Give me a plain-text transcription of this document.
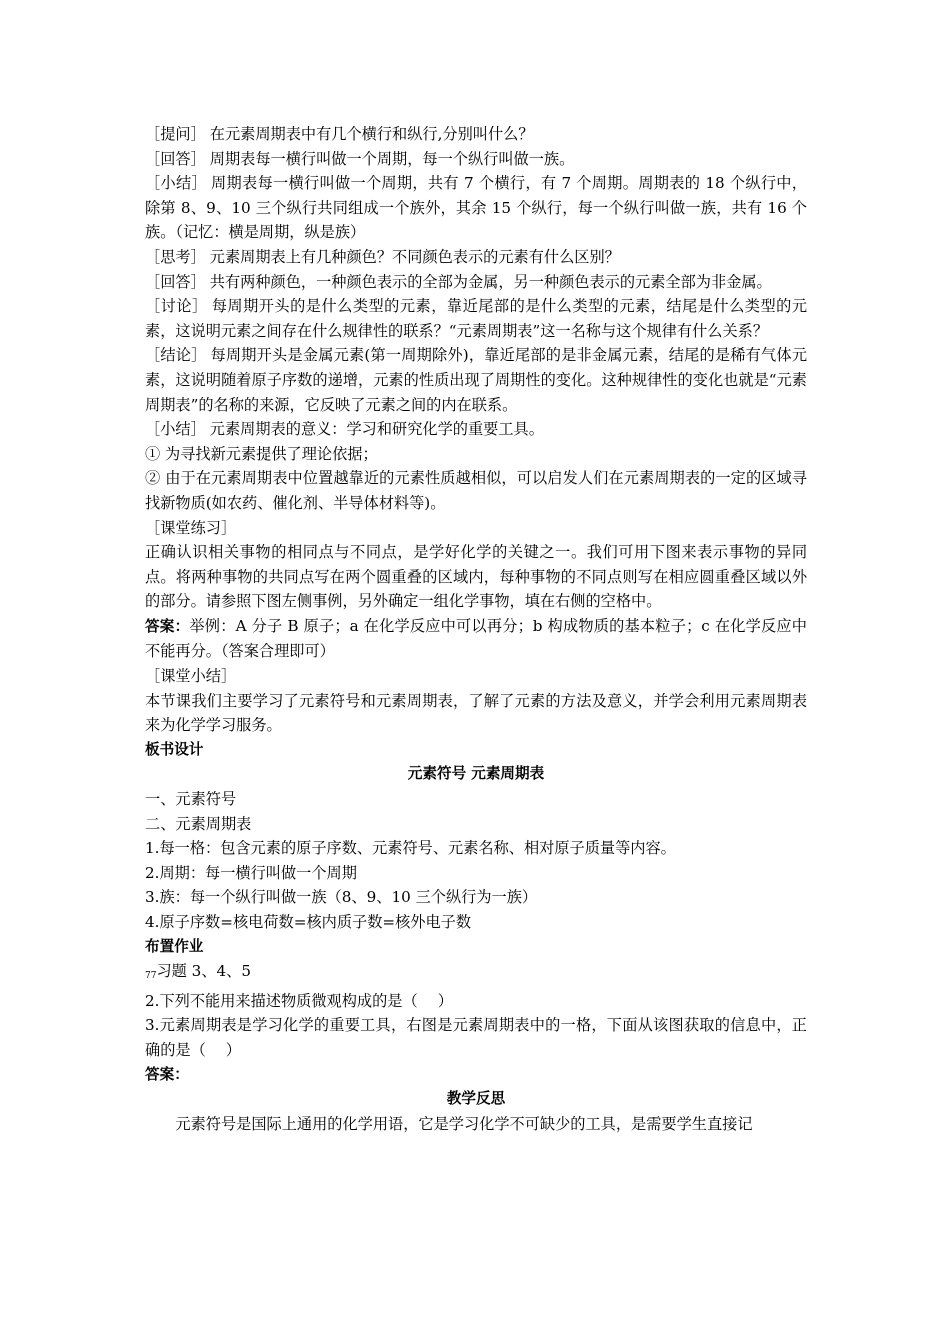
［提问］ 在元素周期表中有几个横行和纵行,分别叫什么？

［回答］ 周期表每一横行叫做一个周期，每一个纵行叫做一族。

［小结］ 周期表每一横行叫做一个周期，共有 7 个横行，有 7 个周期。周期表的 18 个纵行中，除第 8、9、10 三个纵行共同组成一个族外，其余 15 个纵行，每一个纵行叫做一族，共有 16 个族。（记忆：横是周期，纵是族）

［思考］ 元素周期表上有几种颜色？不同颜色表示的元素有什么区别？

［回答］ 共有两种颜色，一种颜色表示的全部为金属，另一种颜色表示的元素全部为非金属。

［讨论］ 每周期开头的是什么类型的元素，靠近尾部的是什么类型的元素，结尾是什么类型的元素，这说明元素之间存在什么规律性的联系？“元素周期表”这一名称与这个规律有什么关系？

［结论］ 每周期开头是金属元素(第一周期除外)，靠近尾部的是非金属元素，结尾的是稀有气体元素，这说明随着原子序数的递增，元素的性质出现了周期性的变化。这种规律性的变化也就是“元素周期表”的名称的来源，它反映了元素之间的内在联系。

［小结］ 元素周期表的意义：学习和研究化学的重要工具。

① 为寻找新元素提供了理论依据；

② 由于在元素周期表中位置越靠近的元素性质越相似，可以启发人们在元素周期表的一定的区域寻找新物质(如农药、催化剂、半导体材料等)。

［课堂练习］

正确认识相关事物的相同点与不同点，是学好化学的关键之一。我们可用下图来表示事物的异同点。将两种事物的共同点写在两个圆重叠的区域内，每种事物的不同点则写在相应圆重叠区域以外的部分。请参照下图左侧事例，另外确定一组化学事物，填在右侧的空格中。

答案：举例：A 分子 B 原子；a 在化学反应中可以再分；b 构成物质的基本粒子；c 在化学反应中不能再分。（答案合理即可）

［课堂小结］

本节课我们主要学习了元素符号和元素周期表，了解了元素的方法及意义，并学会利用元素周期表来为化学学习服务。

板书设计

元素符号 元素周期表

一、元素符号

二、元素周期表

1.每一格：包含元素的原子序数、元素符号、元素名称、相对原子质量等内容。

2.周期：每一横行叫做一个周期

3.族：每一个纵行叫做一族（8、9、10 三个纵行为一族）

4.原子序数=核电荷数=核内质子数=核外电子数

布置作业

$_{77}$习题 3、4、5

2.下列不能用来描述物质微观构成的是（　 ）

3.元素周期表是学习化学的重要工具，右图是元素周期表中的一格，下面从该图获取的信息中，正确的是（　 ）

答案：

教学反思

元素符号是国际上通用的化学用语，它是学习化学不可缺少的工具，是需要学生直接记
